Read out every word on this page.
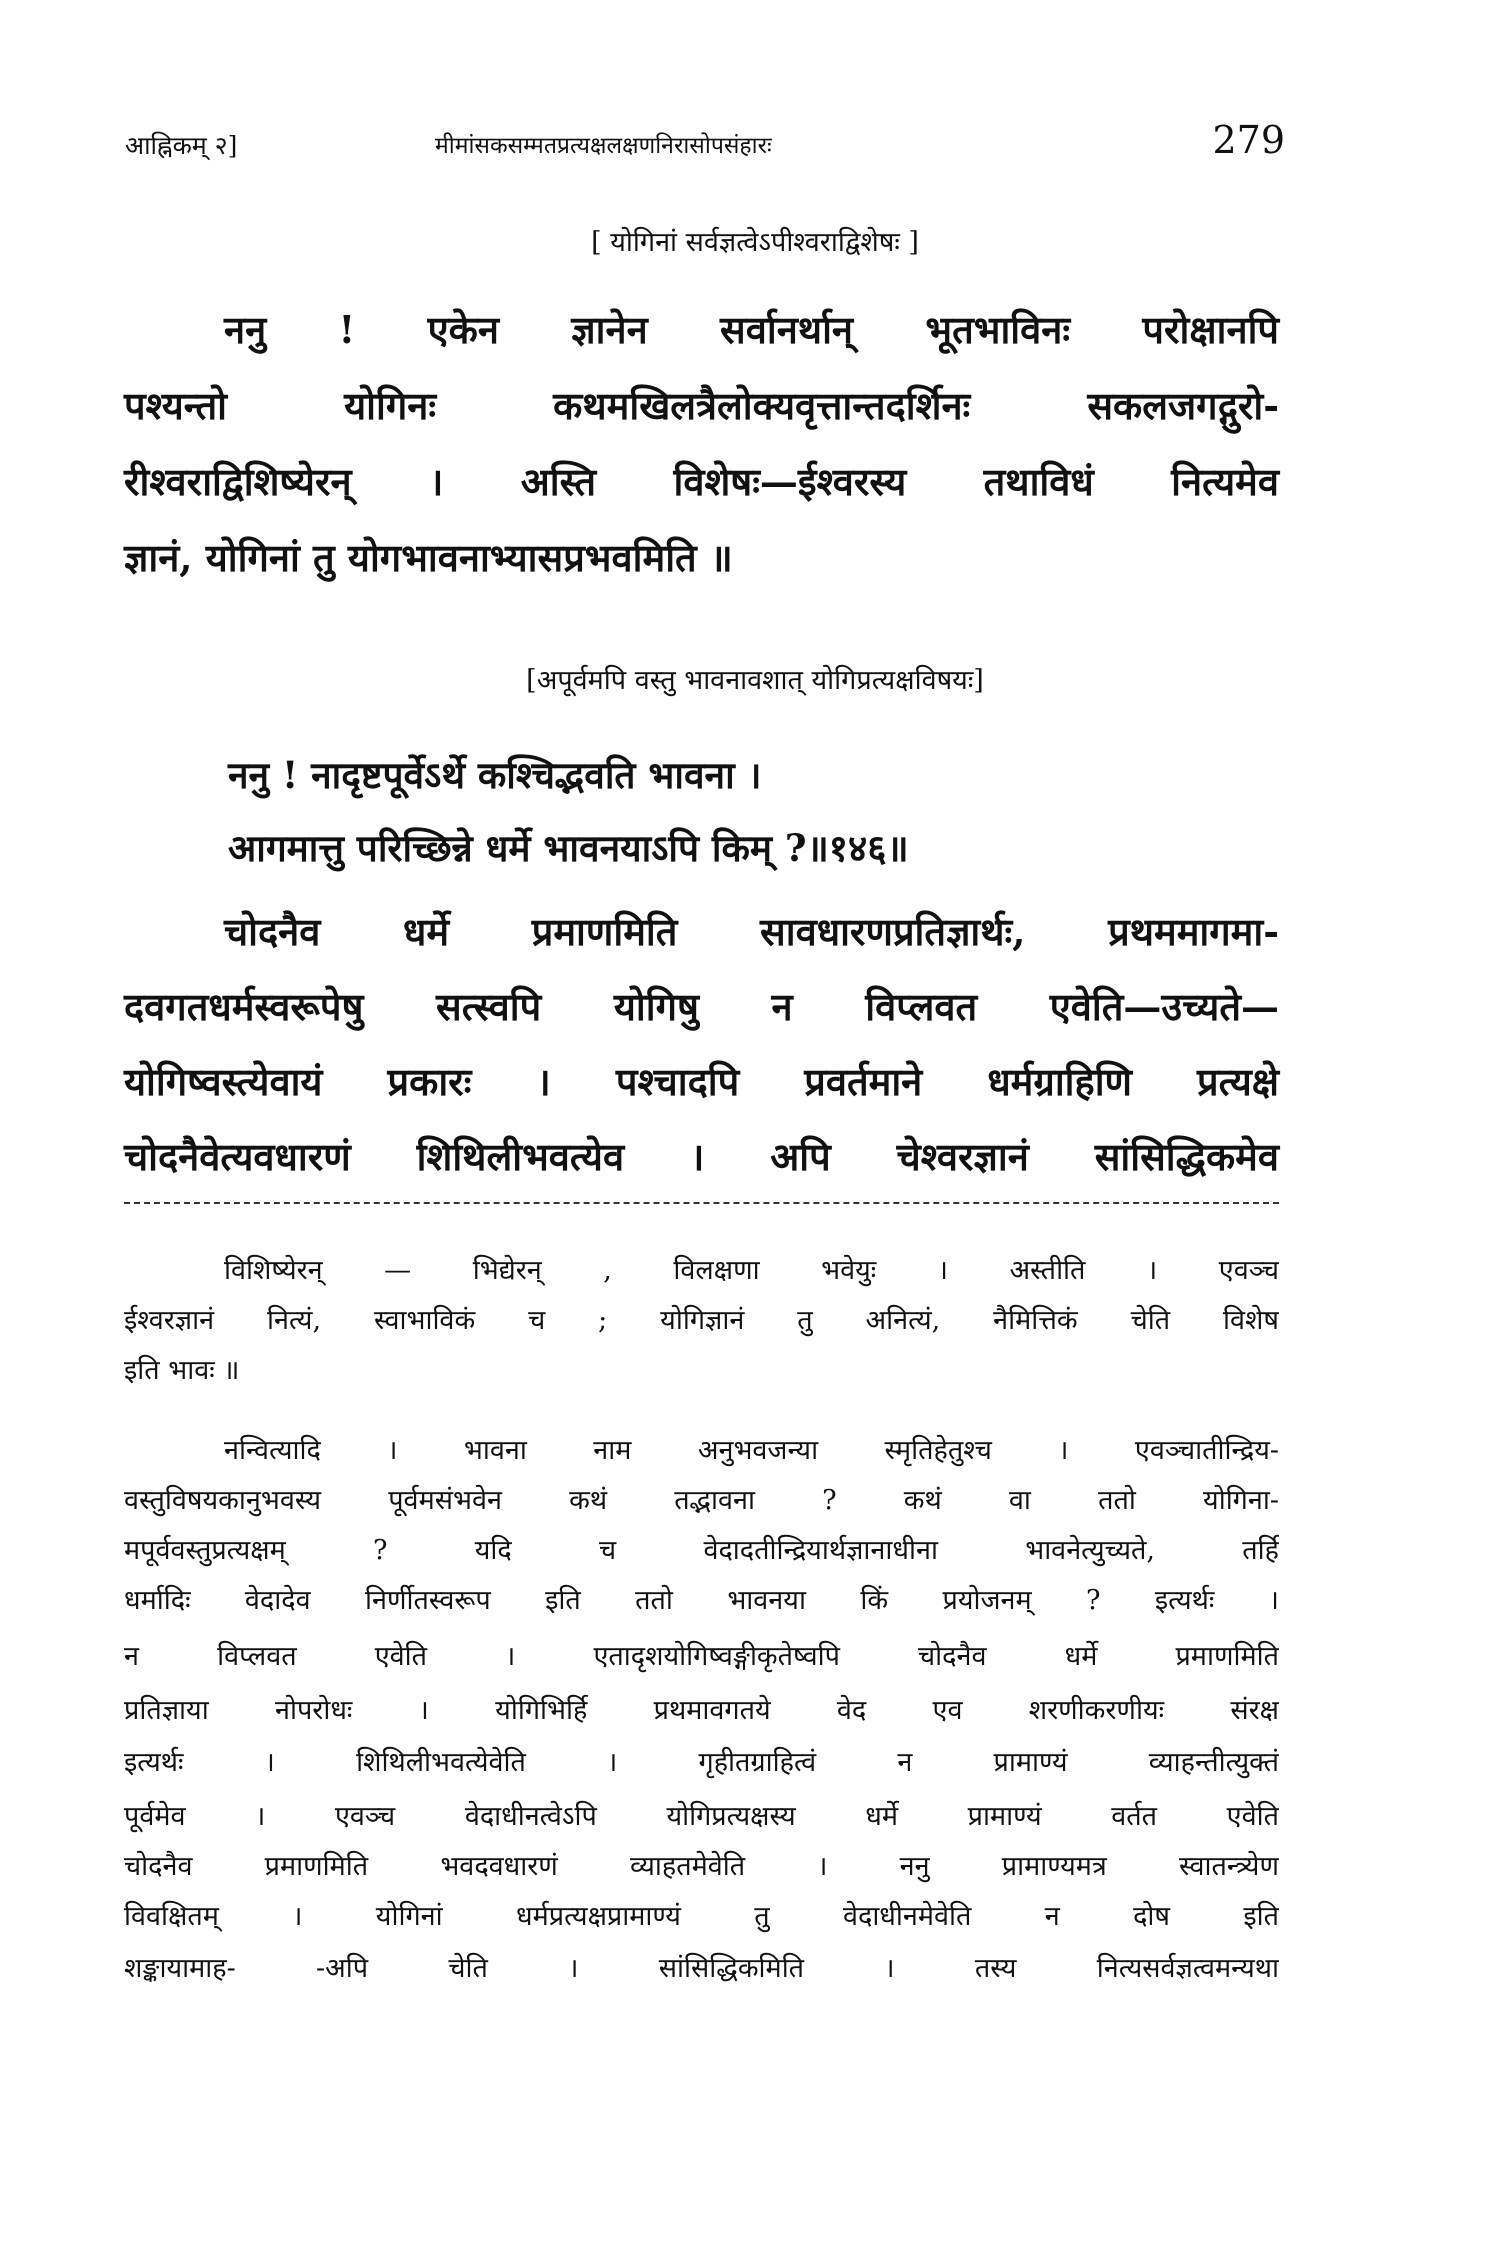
आह्निकम् २]	मीमांसकसम्मतप्रत्यक्षलक्षणनिरासोपसंहारः	279
[ योगिनां सर्वज्ञत्वेऽपीश्वराद्विशेषः ]
ननु ! एकेन ज्ञानेन सर्वानर्थान् भूतभाविनः परोक्षानपि
पश्यन्तो योगिनः कथमखिलत्रैलोक्यवृत्तान्तदर्शिनः सकलजगद्गुरो-
रीश्वराद्विशिष्येरन् । अस्ति विशेषः—ईश्वरस्य तथाविधं नित्यमेव
ज्ञानं, योगिनां तु योगभावनाभ्यासप्रभवमिति ॥
[अपूर्वमपि वस्तु भावनावशात् योगिप्रत्यक्षविषयः]
ननु ! नादृष्टपूर्वेऽर्थे कश्चिद्भवति भावना ।
आगमात्तु परिच्छिन्ने धर्मे भावनयाऽपि किम् ?॥१४६॥
चोदनैव धर्मे प्रमाणमिति सावधारणप्रतिज्ञार्थः, प्रथममागमा-
दवगतधर्मस्वरूपेषु सत्स्वपि योगिषु न विप्लवत एवेति—उच्यते—
योगिष्वस्त्येवायं प्रकारः । पश्चादपि प्रवर्तमाने धर्मग्राहिणि प्रत्यक्षे
चोदनैवेत्यवधारणं शिथिलीभवत्येव । अपि चेश्वरज्ञानं सांसिद्धिकमेव
विशिष्येरन् — भिद्येरन् , विलक्षणा भवेयुः । अस्तीति । एवञ्च
ईश्वरज्ञानं नित्यं, स्वाभाविकं च ; योगिज्ञानं तु अनित्यं, नैमित्तिकं चेति विशेष
इति भावः ॥
नन्वित्यादि । भावना नाम अनुभवजन्या स्मृतिहेतुश्च । एवञ्चातीन्द्रिय-
वस्तुविषयकानुभवस्य पूर्वमसंभवेन कथं तद्भावना ? कथं वा ततो योगिना-
मपूर्ववस्तुप्रत्यक्षम् ? यदि च वेदादतीन्द्रियार्थज्ञानाधीना भावनेत्युच्यते, तर्हि
धर्मादिः वेदादेव निर्णीतस्वरूप इति ततो भावनया किं प्रयोजनम् ? इत्यर्थः ।
न विप्लवत एवेति । एतादृशयोगिष्वङ्गीकृतेष्वपि चोदनैव धर्मे प्रमाणमिति
प्रतिज्ञाया नोपरोधः । योगिभिर्हि प्रथमावगतये वेद एव शरणीकरणीयः संरक्ष
इत्यर्थः । शिथिलीभवत्येवेति । गृहीतग्राहित्वं न प्रामाण्यं व्याहन्तीत्युक्तं
पूर्वमेव । एवञ्च वेदाधीनत्वेऽपि योगिप्रत्यक्षस्य धर्मे प्रामाण्यं वर्तत एवेति
चोदनैव प्रमाणमिति भवदवधारणं व्याहतमेवेति । ननु प्रामाण्यमत्र स्वातन्त्र्येण
विवक्षितम् । योगिनां धर्मप्रत्यक्षप्रामाण्यं तु वेदाधीनमेवेति न दोष इति
शङ्कायामाह- -अपि चेति । सांसिद्धिकमिति । तस्य नित्यसर्वज्ञत्वमन्यथा
